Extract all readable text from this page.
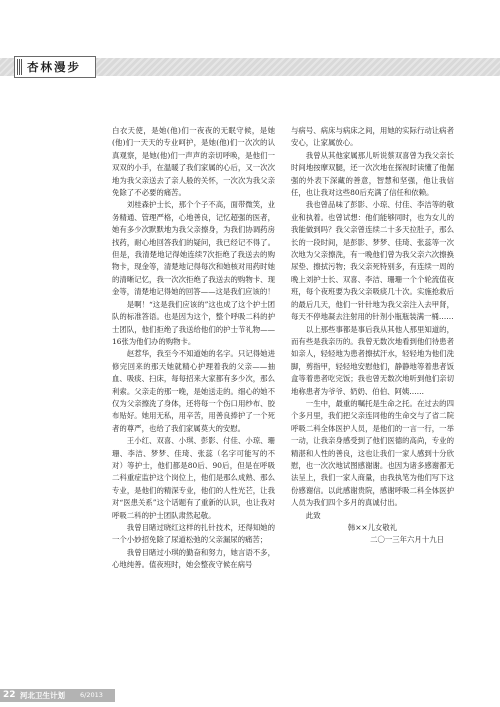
杏林漫步

白衣天使，是她(他)们一夜夜的无眠守候，是她(他)们一天天的专业呵护，是她(他)们一次次的认真观察，是她(他)们一声声的亲切呼唤，是他们一双双的小手，在温暖了我们家属的心后，又一次次地为我父亲送去了亲人般的关怀，一次次为我父亲免除了不必要的痛苦。

刘桂森护士长，那个个子不高，面带微笑，业务精通、管理严格，心地善良，记忆超强的医者，她有多少次默默地为我父亲擦身，为我们协调药房找药，耐心地回答我们的疑问，我已经记不得了。但是，我清楚地记得她连续7次拒绝了我送去的购物卡，现金等，清楚地记得每次和她核对用药时她的清晰记忆，我一次次拒绝了我送去的购物卡、现金等，清楚地记得她的回答——这是我们应该的！

是啊！“这是我们应该的”这也成了这个护士团队的标准答语。也是因为这个，整个呼吸二科的护士团队，他们拒绝了我送给他们的护士节礼物——16张为他们办的购物卡。

赵惹华，我至今不知道她的名字。只记得她进修完回来的那天她就精心护理着我的父亲——抽血、吸痰、扫床，每每招来大家都有多少次，那么利索。父亲走的那一晚，是她送走的。细心的她不仅为父亲擦洗了身体，还将每一个伤口用纱布、胶布贴好。她用无私，用辛苦，用善良捧护了一个死者的尊严，也给了我们家属莫大的安慰。

王小红、双喜、小琪、彭影、付佳、小琼、珊珊、李洁、梦梦、佳琦、张蕊（名字可能写的不对）等护士，他们都是80后、90后，但是在呼吸二科重症监护这个岗位上，他们是那么成熟、那么专业，是他们的精深专业，他们的人性光芒，让我对“医患关系”这个话题有了重新的认识，也让我对呼吸二科的护士团队肃然起敬。

我曾目睹过晓红这样的扎针技术，还得知她的一个小妙招免除了尿道松弛的父亲漏尿的痛苦；

我曾目睹过小琪的勤奋和努力，她言语不多，心地纯善。值夜班时，她会整夜守候在病号

与病号、病床与病床之间，用她的实际行动让病者安心，让家属放心。

我曾从其他家属那儿听说蔡双喜曾为我父亲长时间地按摩双腿，还一次次地在探视时读懂了他倔强的外表下深藏的善意，智慧和坚强，他让我信任，也让我对这些80后充满了信任和依赖。

我也曾品味了彭影、小琼、付佳、李洁等的敬业和执着。也曾试想：他们能够同时，也为女儿的我能做到吗？我父亲曾连续二十多天拉肚子，那么长的一段时间，是彭影、梦梦、佳琦、张蕊等一次次地为父亲擦洗，有一晚他们曾为我父亲六次擦换尿垫、擦拭污物；我父亲死特别多，有连续一周的晚上刘护士长、双喜、李洁、珊珊一个个轮流值夜班，每个夜班要为我父亲吸痰几十次。实施抢救后的最后几天，他们一针针地为我父亲注入去甲肾，每天不停地凝去注射用的针剂小瓶瓶装满一桶……

以上那些事都是事后我从其他人那里知道的，而有些是我亲历的。我曾无数次地看到他们待患者如亲人，轻轻地为患者擦拭汗水，轻轻地为他们洗脚，剪指甲，轻轻地安慰他们，静静地等着患者饭盒等着患者吃完饭；我也曾无数次地听到他们亲切地称患者为爷爷、奶奶、伯伯、阿姨……

一生中，最重的嘱托是生命之托。在过去的四个多月里，我们把父亲连同他的生命交与了省二院呼吸二科全体医护人员，是他们的一言一行，一举一动，让我亲身感受到了他们医德的高尚，专业的精湛和人性的善良，这也让我们一家人感到十分欣慰，也一次次地试图感谢谢。也因为诸多感谢都无法呈上，我们一家人商量，由我执笔为他们写下这份感谢信。以此感谢贵院，感谢呼吸二科全体医护人员为我们四个多月的真诚付出。

此致

韩××儿女敬礼

二〇一三年六月十九日

22 河北卫生计划 6/2013
